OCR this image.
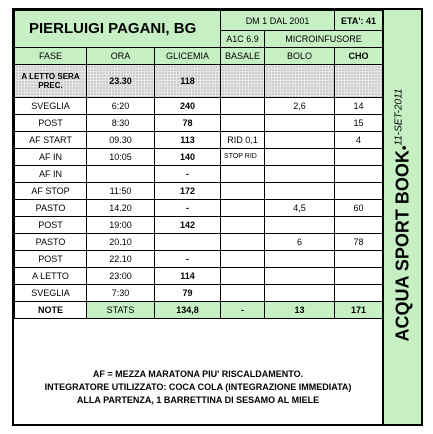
PIERLUIGI PAGANI, BG			DM 1 DAL 2001		ETA': 41
			A1C 6.9	MICROINFUSORE	
FASE	ORA	GLICEMIA	BASALE	BOLO	CHO
A LETTO SERA PREC.	23.30	118			
SVEGLIA	6:20	240		2,6	14
POST	8:30	78			15
AF START	09.30	113	RID 0,1		4
AF IN	10:05	140	STOP RID		
AF IN		-			
AF STOP	11:50	172			
PASTO	14.20	-		4,5	60
POST	19:00	142			
PASTO	20.10			6	78
POST	22.10	-			
A LETTO	23:00	114			
SVEGLIA	7:30	79			
NOTE	STATS	134,8	-	13	171
AF = MEZZA MARATONA PIU' RISCALDAMENTO.
INTEGRATORE UTILIZZATO: COCA COLA (INTEGRAZIONE IMMEDIATA)
ALLA PARTENZA, 1 BARRETTINA DI SESAMO AL MIELE
ACQUA SPORT BOOK•$^{11-SET-2011}$
